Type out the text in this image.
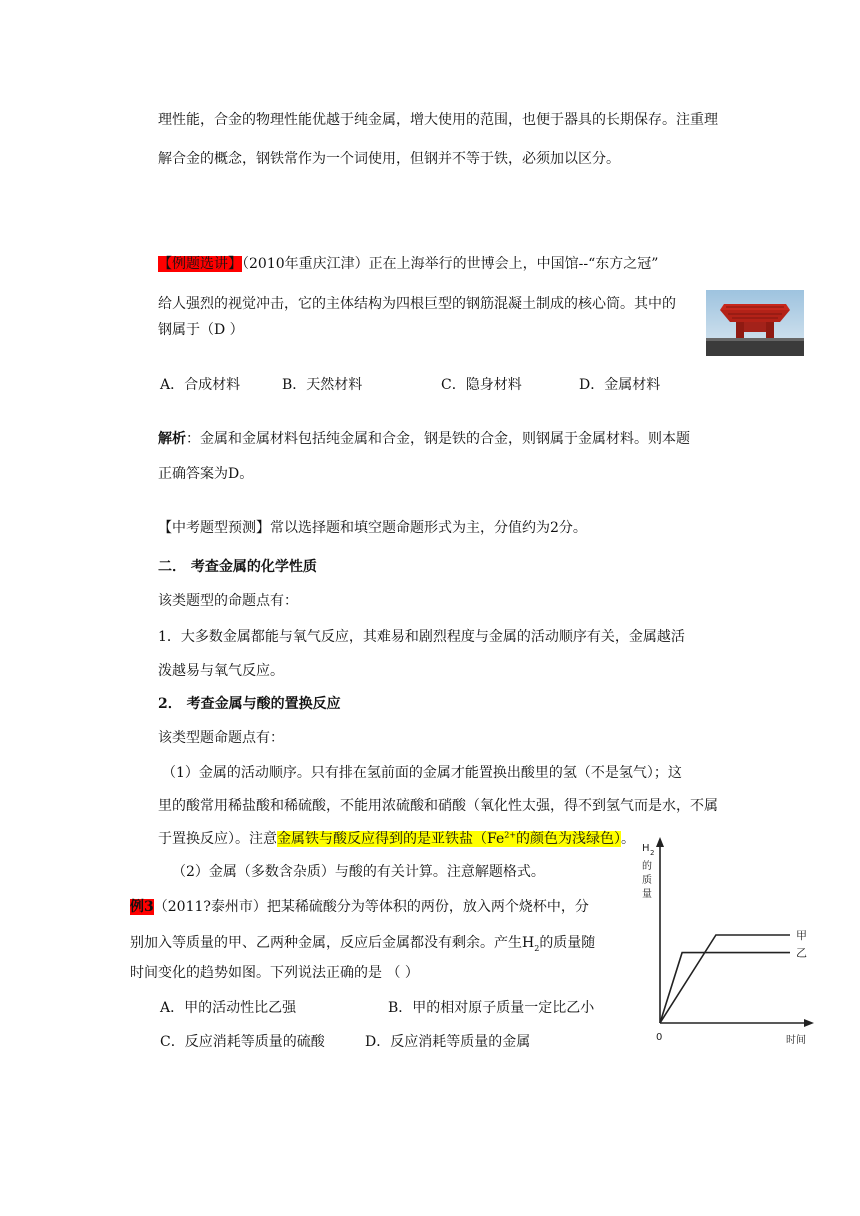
理性能，合金的物理性能优越于纯金属，增大使用的范围，也便于器具的长期保存。注重理
解合金的概念，钢铁常作为一个词使用，但钢并不等于铁，必须加以区分。
【例题选讲】（2010年重庆江津）正在上海举行的世博会上，中国馆--“东方之冠”
给人强烈的视觉冲击，它的主体结构为四根巨型的钢筋混凝土制成的核心筒。其中的
钢属于（D ）
A．合成材料	B．天然材料	C．隐身材料	D．金属材料
解析：金属和金属材料包括纯金属和合金，钢是铁的合金，则钢属于金属材料。则本题
正确答案为D。
【中考题型预测】常以选择题和填空题命题形式为主，分值约为2分。
二． 考查金属的化学性质
该类题型的命题点有：
1．大多数金属都能与氧气反应，其难易和剧烈程度与金属的活动顺序有关，金属越活
泼越易与氧气反应。
2． 考查金属与酸的置换反应
该类型题命题点有：
（1）金属的活动顺序。只有排在氢前面的金属才能置换出酸里的氢（不是氢气）；这
里的酸常用稀盐酸和稀硫酸，不能用浓硫酸和硝酸（氧化性太强，得不到氢气而是水，不属
于置换反应）。注意金属铁与酸反应得到的是亚铁盐（$Fe^{2+}$的颜色为浅绿色）。
（2）金属（多数含杂质）与酸的有关计算。注意解题格式。
例3（2011?泰州市）把某稀硫酸分为等体积的两份，放入两个烧杯中，分
别加入等质量的甲、乙两种金属，反应后金属都没有剩余。产生$H_2$的质量随
时间变化的趋势如图。下列说法正确的是 （ ）
A．甲的活动性比乙强	B．甲的相对原子质量一定比乙小
C．反应消耗等质量的硫酸	D．反应消耗等质量的金属
H 2
的
质
量
0	时间
甲
乙
